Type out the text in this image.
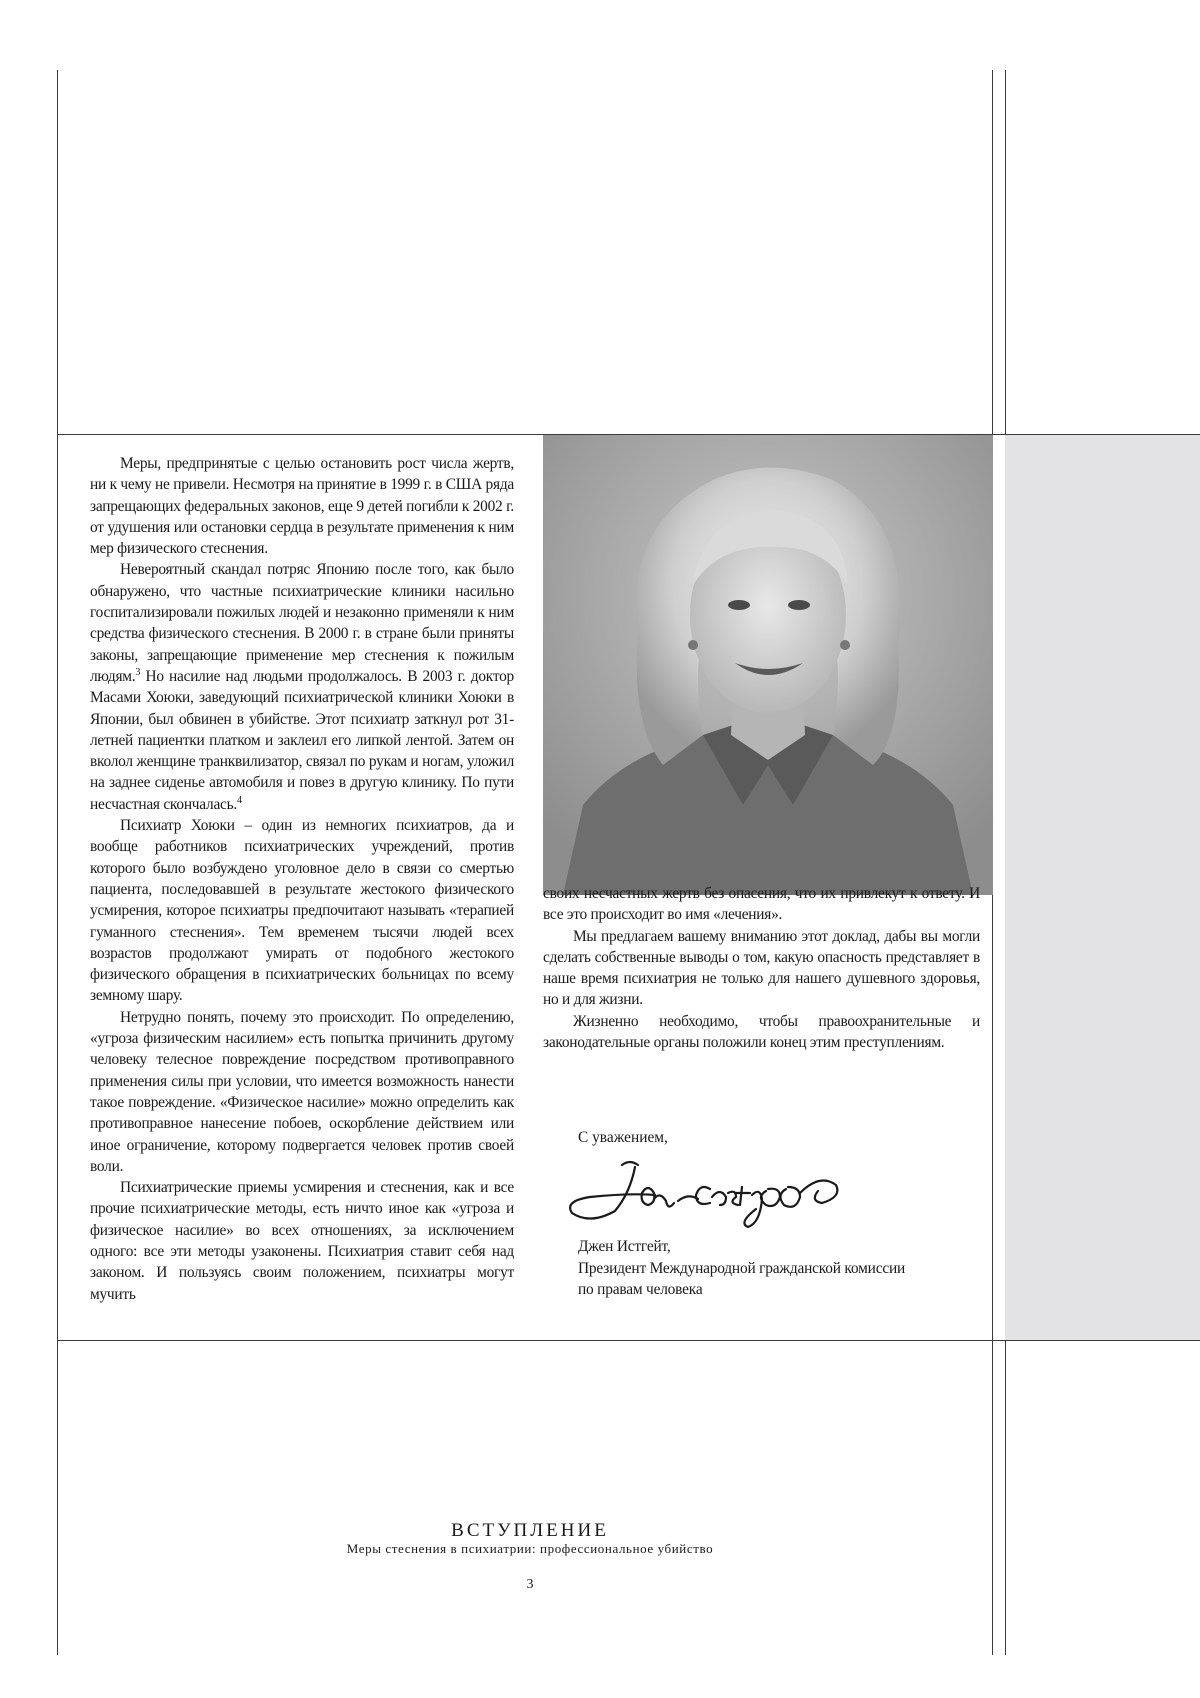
Меры, предпринятые с целью остановить рост числа жертв, ни к чему не привели. Несмотря на принятие в 1999 г. в США ряда запрещающих федеральных законов, еще 9 детей погибли к 2002 г. от удушения или остановки сердца в результате применения к ним мер физического стеснения.

Невероятный скандал потряс Японию после того, как было обнаружено, что частные психиатрические клиники насильно госпитализировали пожилых людей и незаконно применяли к ним средства физического стеснения. В 2000 г. в стране были приняты законы, запрещающие применение мер стеснения к пожилым людям.3 Но насилие над людьми продолжалось. В 2003 г. доктор Масами Хоюки, заведующий психиатрической клиники Хоюки в Японии, был обвинен в убийстве. Этот психиатр заткнул рот 31-летней пациентки платком и заклеил его липкой лентой. Затем он вколол женщине транквилизатор, связал по рукам и ногам, уложил на заднее сиденье автомобиля и повез в другую клинику. По пути несчастная скончалась.4

Психиатр Хоюки – один из немногих психиатров, да и вообще работников психиатрических учреждений, против которого было возбуждено уголовное дело в связи со смертью пациента, последовавшей в результате жестокого физического усмирения, которое психиатры предпочитают называть «терапией гуманного стеснения». Тем временем тысячи людей всех возрастов продолжают умирать от подобного жестокого физического обращения в психиатрических больницах по всему земному шару.

Нетрудно понять, почему это происходит. По определению, «угроза физическим насилием» есть попытка причинить другому человеку телесное повреждение посредством противоправного применения силы при условии, что имеется возможность нанести такое повреждение. «Физическое насилие» можно определить как противоправное нанесение побоев, оскорбление действием или иное ограничение, которому подвергается человек против своей воли.

Психиатрические приемы усмирения и стеснения, как и все прочие психиатрические методы, есть ничто иное как «угроза и физическое насилие» во всех отношениях, за исключением одного: все эти методы узаконены. Психиатрия ставит себя над законом. И пользуясь своим положением, психиатры могут мучить

своих несчастных жертв без опасения, что их привлекут к ответу. И все это происходит во имя «лечения».

Мы предлагаем вашему вниманию этот доклад, дабы вы могли сделать собственные выводы о том, какую опасность представляет в наше время психиатрия не только для нашего душевного здоровья, но и для жизни.

Жизненно необходимо, чтобы правоохранительные и законодательные органы положили конец этим преступлениям.

С уважением,
Джен Истгейт,
Президент Международной гражданской комиссии
по правам человека
ВСТУПЛЕНИЕ
Меры стеснения в психиатрии: профессиональное убийство
3
